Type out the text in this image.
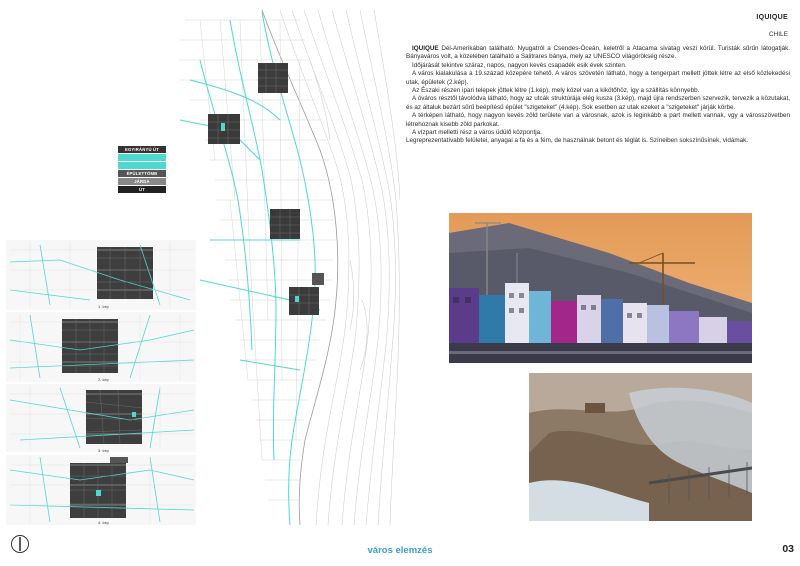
EGYIRÁNYÚ ÚT
KÉTIRÁNYÚ ÚT
ZÖLDTERÜLET
ÉPÜLETTÖMB
JÁRDA
ÚT
1. kép
2. kép
3. kép
4. kép
IQUIQUE
CHILE

IQUIQUE Dél-Amerikában található. Nyugatról a Csendes-Óceán, keletről a Atacama sivatag veszi körül. Turisták sűrűn látogatják. Bányaváros volt, a közelében található a Salitrares bánya, mely az UNESCO világörökség része.

Időjárását tekintve száraz, napos, nagyon kevés csapadék esik évek szinten.

A város kialakulása a 19.század közepére tehető. A város szövetén látható, hogy a tengerpart mellett jöttek létre az első közlekedési utak, épületek (2.kép).

Az Északi részen ipari telepek jöttek létre (1.kép), mely közel van a kikötőhöz, így a szállítás könnyebb.

A óváros résztől távolódva látható, hogy az utcák struktúrája elég kusza (3.kép), majd újra rendszerben szervezik, tervezik a közutakat, és az általuk bezárt sűrű beépítésű épület "szigeteket" (4.kép). Sok esetben az utak ezeket a "szigeteket" járják körbe.

A térképen látható, hogy nagyon kevés zöld területe van a városnak, azok is leginkább a part mellett vannak, vgy a városszövetben létrehoznak kisebb zöld parkokat.

A vízpart melletti rész a város üdülő központja.

Legreprezentatívabb felületei, anyagai a fa és a fém, de használnak betont és téglát is. Színeiben sokszínűsínek, vidámak.

város elemzés	03
